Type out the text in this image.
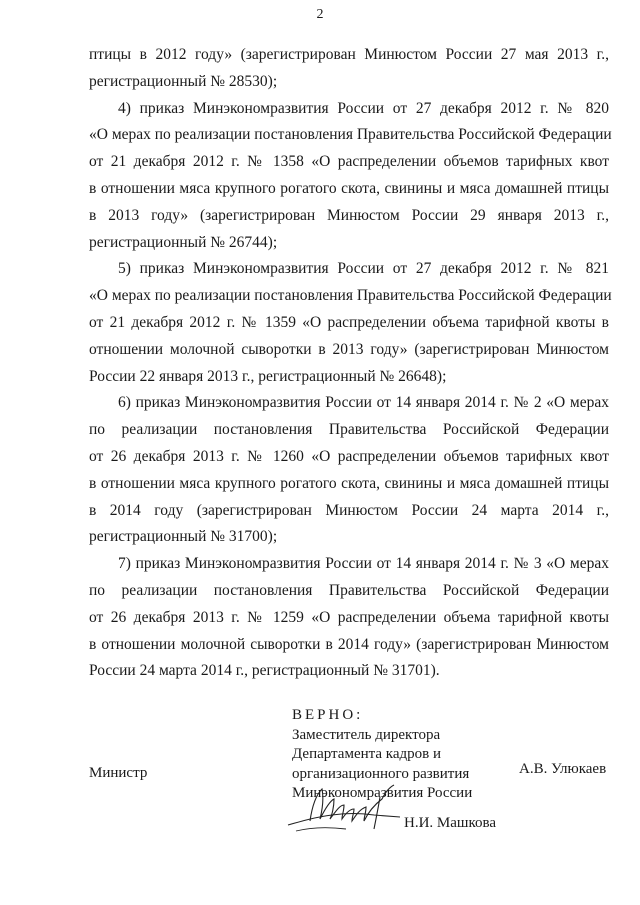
2
птицы в 2012 году» (зарегистрирован Минюстом России 27 мая 2013 г.,
регистрационный № 28530);
4) приказ Минэкономразвития России от 27 декабря 2012 г. № 820
«О мерах по реализации постановления Правительства Российской Федерации
от 21 декабря 2012 г. № 1358 «О распределении объемов тарифных квот
в отношении мяса крупного рогатого скота, свинины и мяса домашней птицы
в 2013 году» (зарегистрирован Минюстом России 29 января 2013 г.,
регистрационный № 26744);
5) приказ Минэкономразвития России от 27 декабря 2012 г. № 821
«О мерах по реализации постановления Правительства Российской Федерации
от 21 декабря 2012 г. № 1359 «О распределении объема тарифной квоты в
отношении молочной сыворотки в 2013 году» (зарегистрирован Минюстом
России 22 января 2013 г., регистрационный № 26648);
6) приказ Минэкономразвития России от 14 января 2014 г. № 2 «О мерах
по реализации постановления Правительства Российской Федерации
от 26 декабря 2013 г. № 1260 «О распределении объемов тарифных квот
в отношении мяса крупного рогатого скота, свинины и мяса домашней птицы
в 2014 году (зарегистрирован Минюстом России 24 марта 2014 г.,
регистрационный № 31700);
7) приказ Минэкономразвития России от 14 января 2014 г. № 3 «О мерах
по реализации постановления Правительства Российской Федерации
от 26 декабря 2013 г. № 1259 «О распределении объема тарифной квоты
в отношении молочной сыворотки в 2014 году» (зарегистрирован Минюстом
России 24 марта 2014 г., регистрационный № 31701).
Министр
ВЕРНО:
Заместитель директора
Департамента кадров и
организационного развития
Минэкономразвития России
А.В. Улюкаев
Н.И. Машкова
